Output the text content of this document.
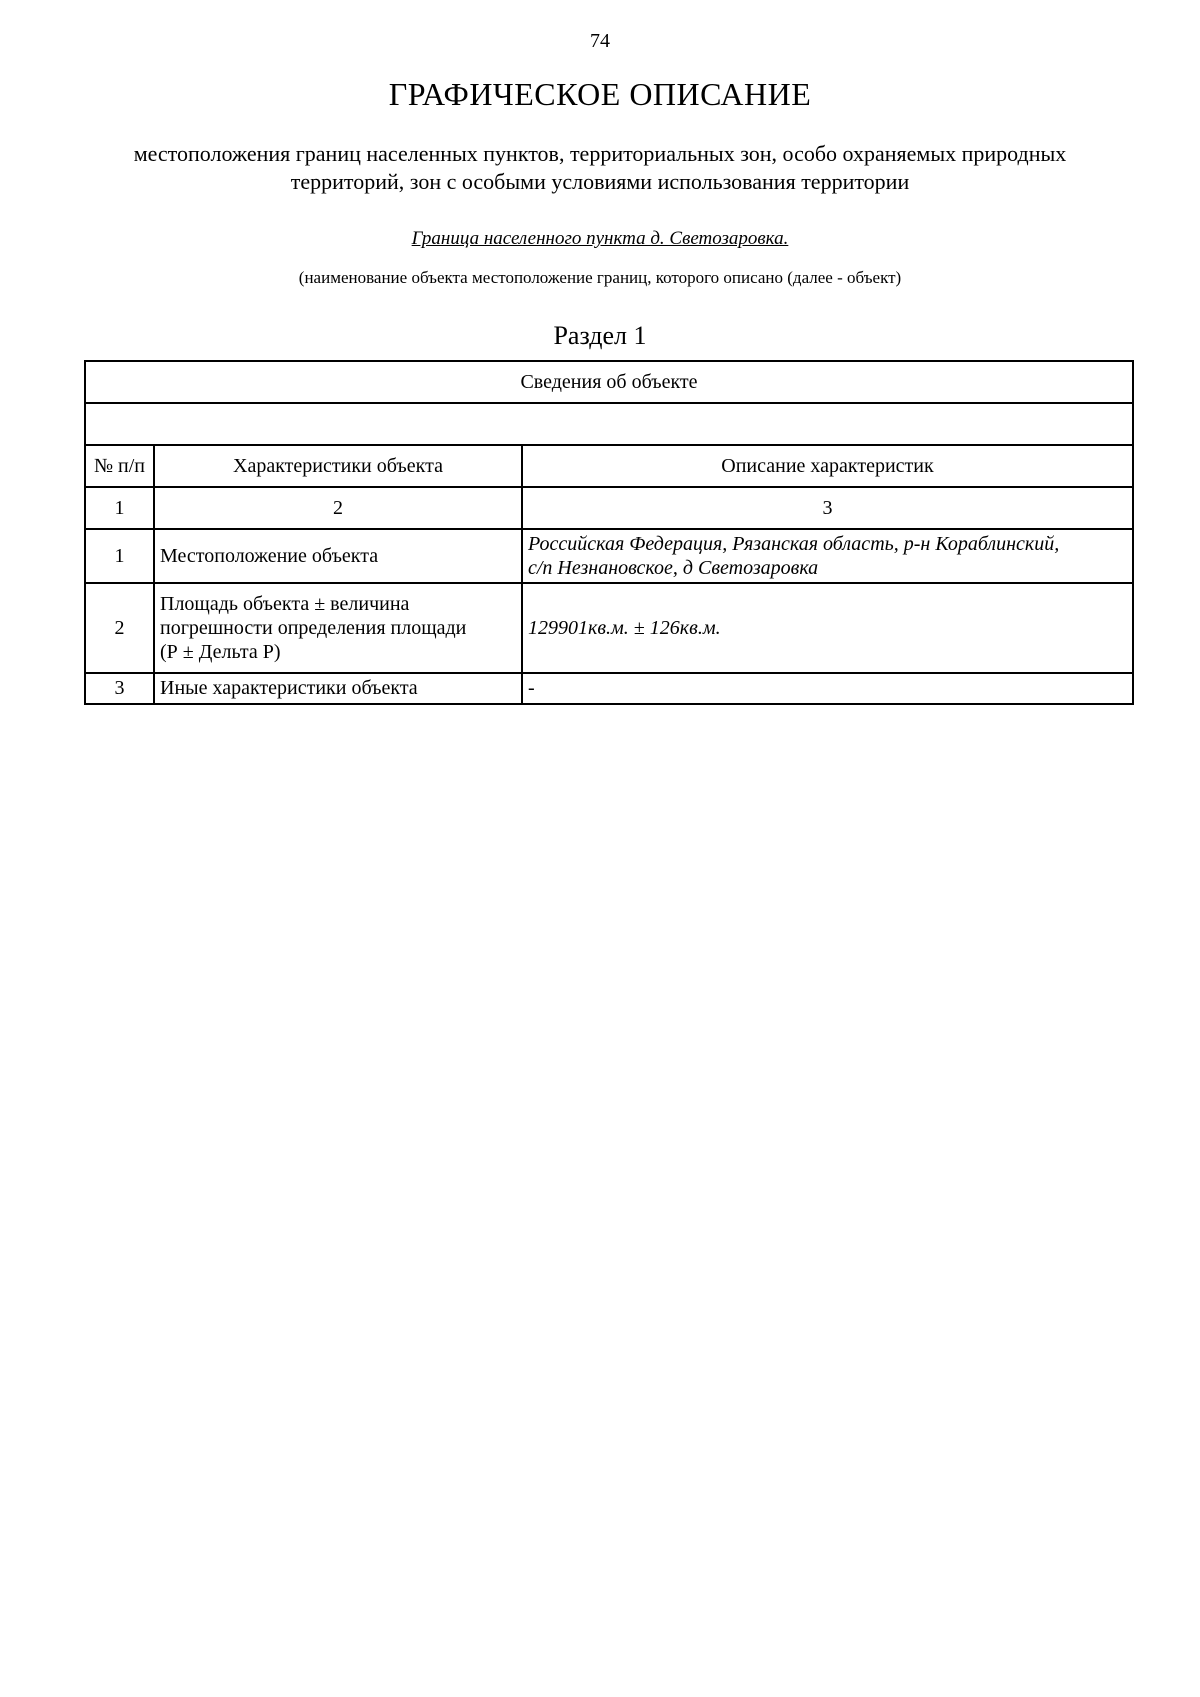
74
ГРАФИЧЕСКОЕ ОПИСАНИЕ
местоположения границ населенных пунктов, территориальных зон, особо охраняемых природных
территорий, зон с особыми условиями использования территории
Граница населенного пункта д. Светозаровка.
(наименование объекта местоположение границ, которого описано (далее - объект)
Раздел 1
Сведения об объекте		

№ п/п	Характеристики объекта	Описание характеристик
1	2	3
1	Местоположение объекта	Российская Федерация, Рязанская область, р-н Кораблинский,
с/п Незнановское, д Светозаровка

2	Площадь объекта ± величина
погрешности определения площади
(Р ± Дельта Р)	129901кв.м. ± 126кв.м.
3	Иные характеристики объекта	-
